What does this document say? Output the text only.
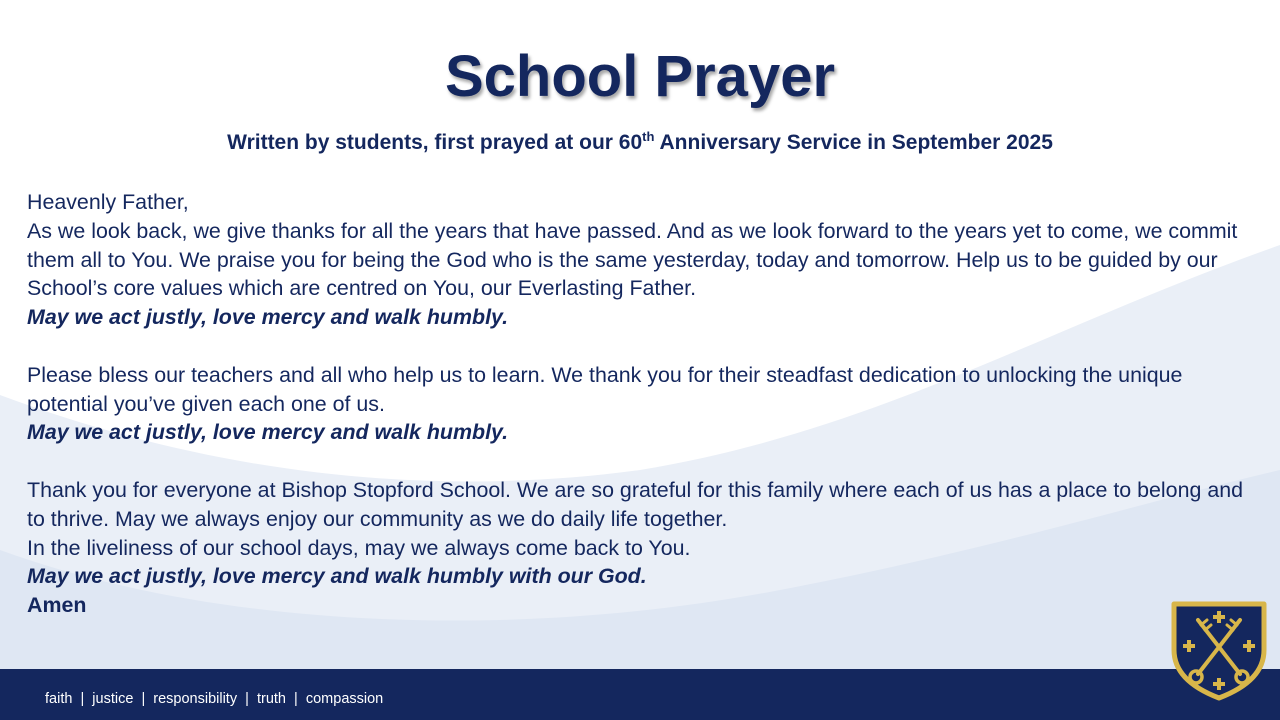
School Prayer

Written by students, first prayed at our 60th Anniversary Service in September 2025

Heavenly Father,

As we look back, we give thanks for all the years that have passed. And as we look forward to the years yet to come, we commit them all to You. We praise you for being the God who is the same yesterday, today and tomorrow. Help us to be guided by our School’s core values which are centred on You, our Everlasting Father.

May we act justly, love mercy and walk humbly.

Please bless our teachers and all who help us to learn. We thank you for their steadfast dedication to unlocking the unique potential you’ve given each one of us.

May we act justly, love mercy and walk humbly.

Thank you for everyone at Bishop Stopford School. We are so grateful for this family where each of us has a place to belong and to thrive. May we always enjoy our community as we do daily life together.

In the liveliness of our school days, may we always come back to You.

May we act justly, love mercy and walk humbly with our God.

Amen

faith  |  justice  |  responsibility  |  truth  |  compassion
